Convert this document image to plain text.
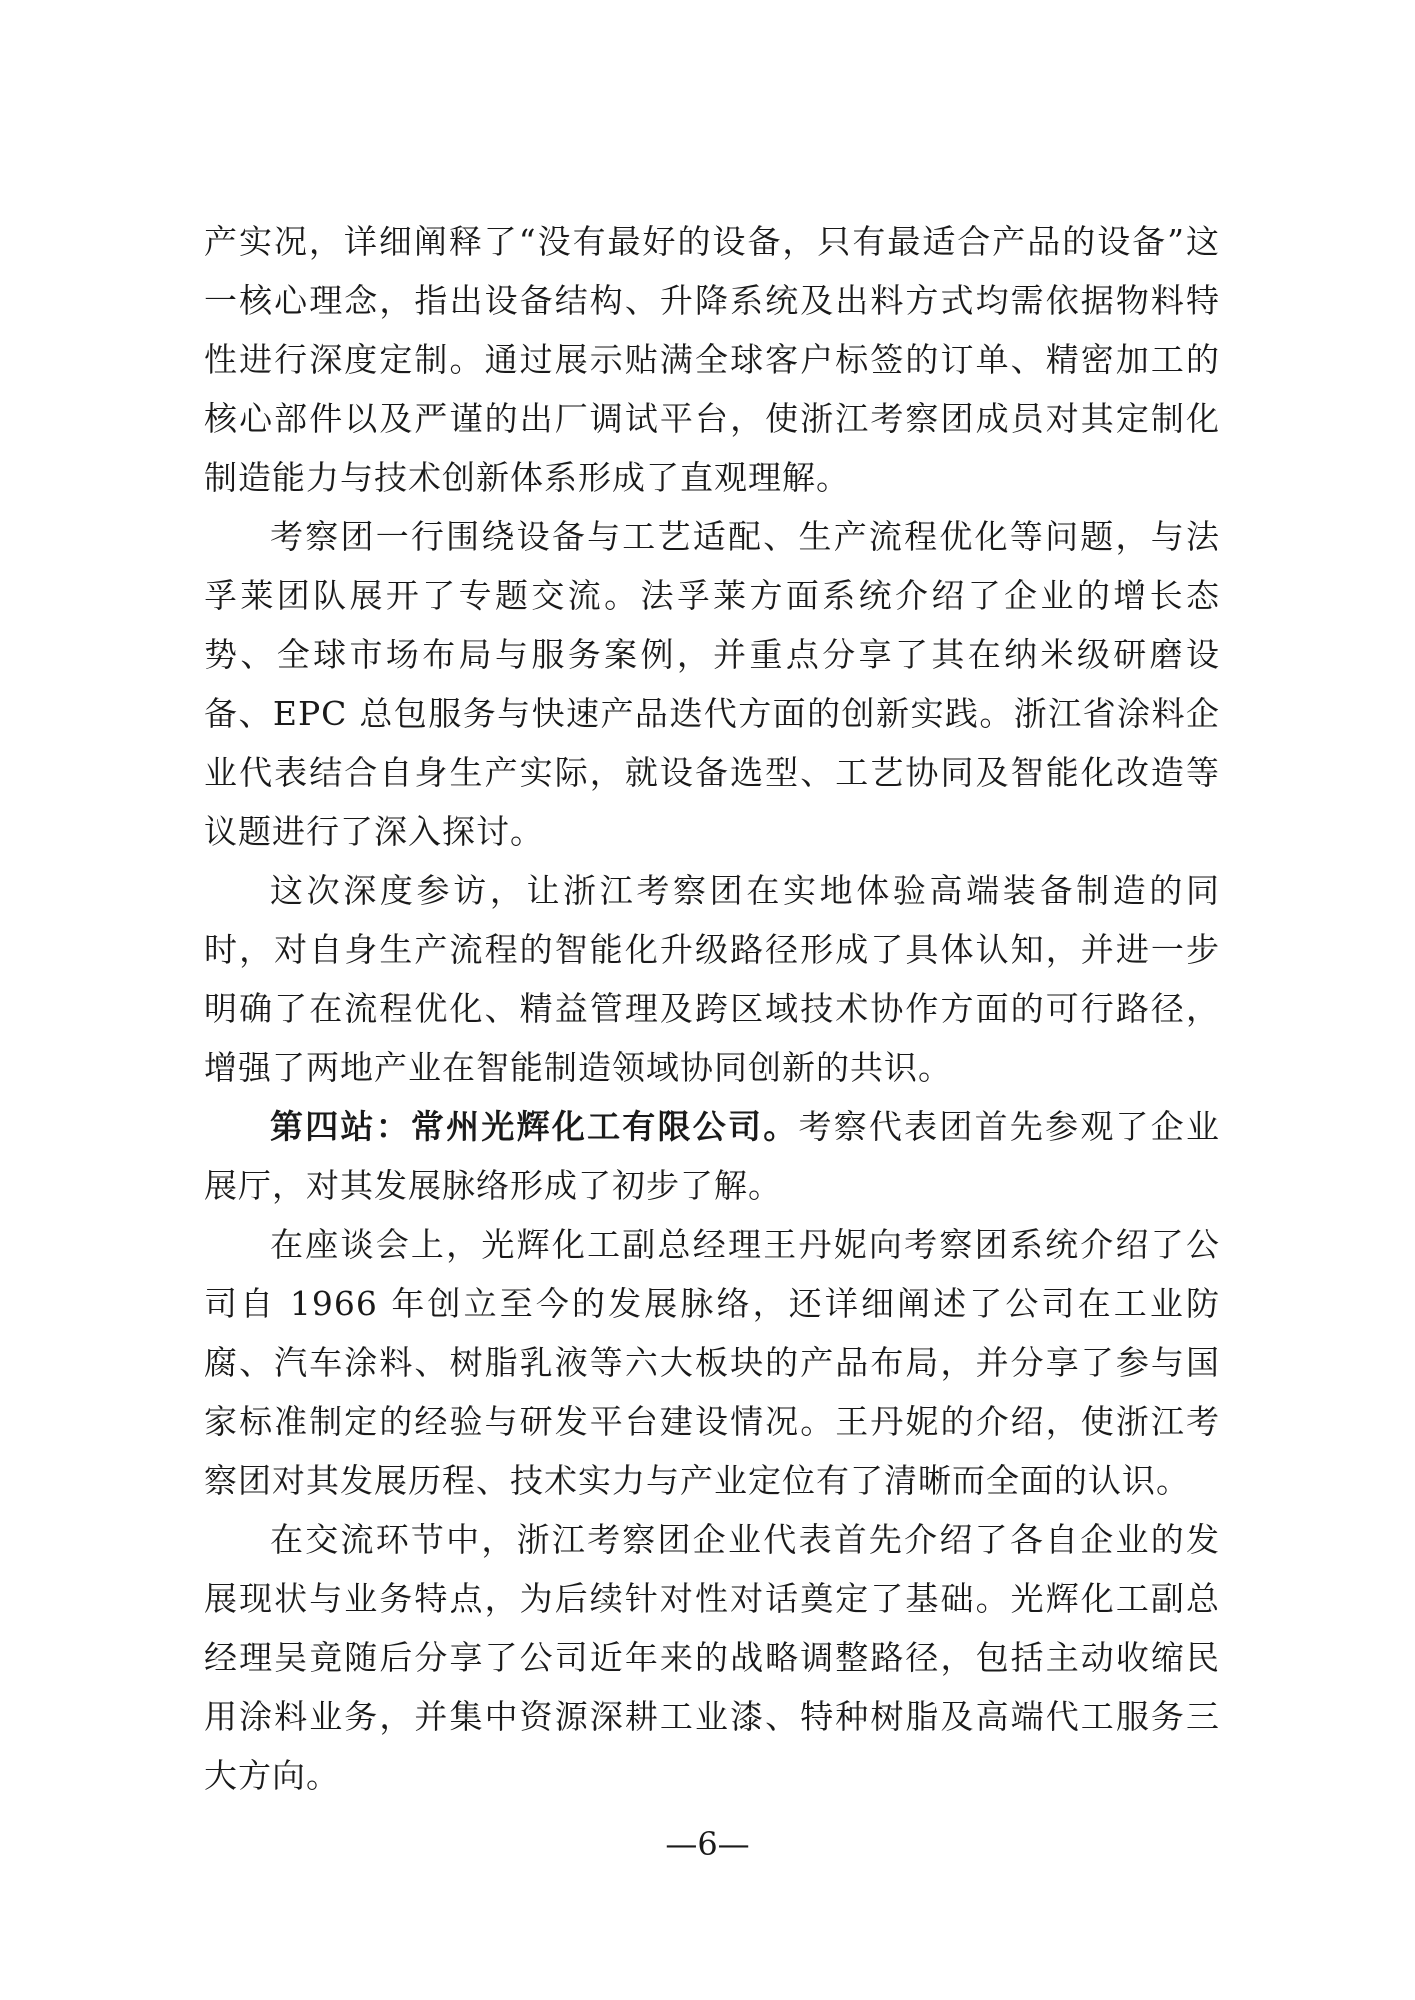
产实况，详细阐释了“没有最好的设备，只有最适合产品的设备”这一核心理念，指出设备结构、升降系统及出料方式均需依据物料特性进行深度定制。通过展示贴满全球客户标签的订单、精密加工的核心部件以及严谨的出厂调试平台，使浙江考察团成员对其定制化制造能力与技术创新体系形成了直观理解。

考察团一行围绕设备与工艺适配、生产流程优化等问题，与法孚莱团队展开了专题交流。法孚莱方面系统介绍了企业的增长态势、全球市场布局与服务案例，并重点分享了其在纳米级研磨设备、EPC 总包服务与快速产品迭代方面的创新实践。浙江省涂料企业代表结合自身生产实际，就设备选型、工艺协同及智能化改造等议题进行了深入探讨。

这次深度参访，让浙江考察团在实地体验高端装备制造的同时，对自身生产流程的智能化升级路径形成了具体认知，并进一步明确了在流程优化、精益管理及跨区域技术协作方面的可行路径，增强了两地产业在智能制造领域协同创新的共识。

第四站：常州光辉化工有限公司。考察代表团首先参观了企业展厅，对其发展脉络形成了初步了解。

在座谈会上，光辉化工副总经理王丹妮向考察团系统介绍了公司自 1966 年创立至今的发展脉络，还详细阐述了公司在工业防腐、汽车涂料、树脂乳液等六大板块的产品布局，并分享了参与国家标准制定的经验与研发平台建设情况。王丹妮的介绍，使浙江考察团对其发展历程、技术实力与产业定位有了清晰而全面的认识。

在交流环节中，浙江考察团企业代表首先介绍了各自企业的发展现状与业务特点，为后续针对性对话奠定了基础。光辉化工副总经理吴竟随后分享了公司近年来的战略调整路径，包括主动收缩民用涂料业务，并集中资源深耕工业漆、特种树脂及高端代工服务三大方向。

—6—
